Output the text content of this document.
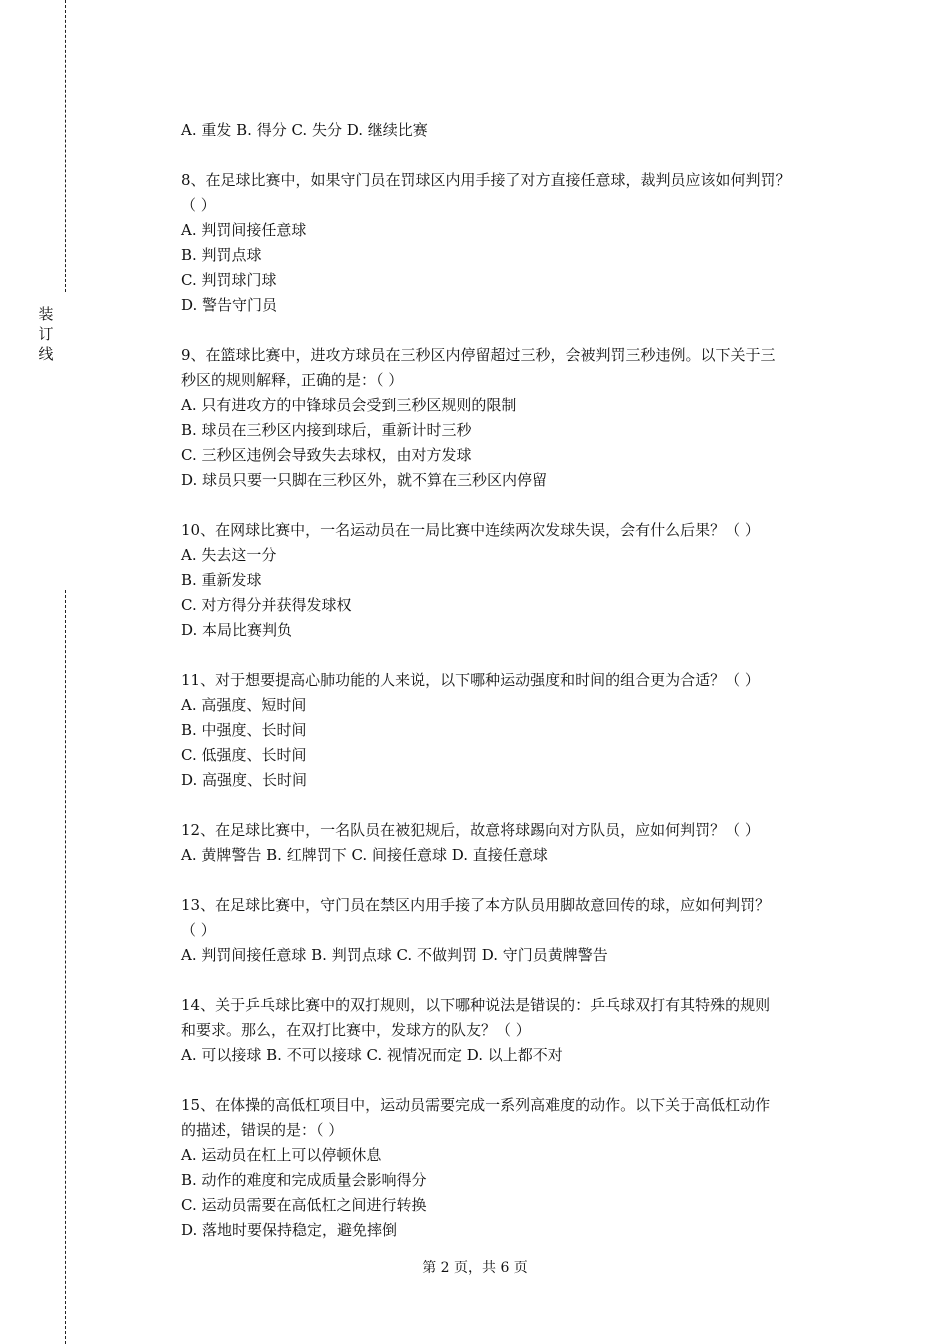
装
订
线

A. 重发 B. 得分 C. 失分 D. 继续比赛

8、在足球比赛中，如果守门员在罚球区内用手接了对方直接任意球，裁判员应该如何判罚？

（ ）

A. 判罚间接任意球

B. 判罚点球

C. 判罚球门球

D. 警告守门员

9、在篮球比赛中，进攻方球员在三秒区内停留超过三秒，会被判罚三秒违例。以下关于三

秒区的规则解释，正确的是：（ ）

A. 只有进攻方的中锋球员会受到三秒区规则的限制

B. 球员在三秒区内接到球后，重新计时三秒

C. 三秒区违例会导致失去球权，由对方发球

D. 球员只要一只脚在三秒区外，就不算在三秒区内停留

10、在网球比赛中，一名运动员在一局比赛中连续两次发球失误，会有什么后果？（ ）

A. 失去这一分

B. 重新发球

C. 对方得分并获得发球权

D. 本局比赛判负

11、对于想要提高心肺功能的人来说，以下哪种运动强度和时间的组合更为合适？（ ）

A. 高强度、短时间

B. 中强度、长时间

C. 低强度、长时间

D. 高强度、长时间

12、在足球比赛中，一名队员在被犯规后，故意将球踢向对方队员，应如何判罚？（ ）

A. 黄牌警告 B. 红牌罚下 C. 间接任意球 D. 直接任意球

13、在足球比赛中，守门员在禁区内用手接了本方队员用脚故意回传的球，应如何判罚？

（ ）

A. 判罚间接任意球 B. 判罚点球 C. 不做判罚 D. 守门员黄牌警告

14、关于乒乓球比赛中的双打规则，以下哪种说法是错误的：乒乓球双打有其特殊的规则

和要求。那么，在双打比赛中，发球方的队友？（ ）

A. 可以接球 B. 不可以接球 C. 视情况而定 D. 以上都不对

15、在体操的高低杠项目中，运动员需要完成一系列高难度的动作。以下关于高低杠动作

的描述，错误的是：（ ）

A. 运动员在杠上可以停顿休息

B. 动作的难度和完成质量会影响得分

C. 运动员需要在高低杠之间进行转换

D. 落地时要保持稳定，避免摔倒

第 2 页，共 6 页
